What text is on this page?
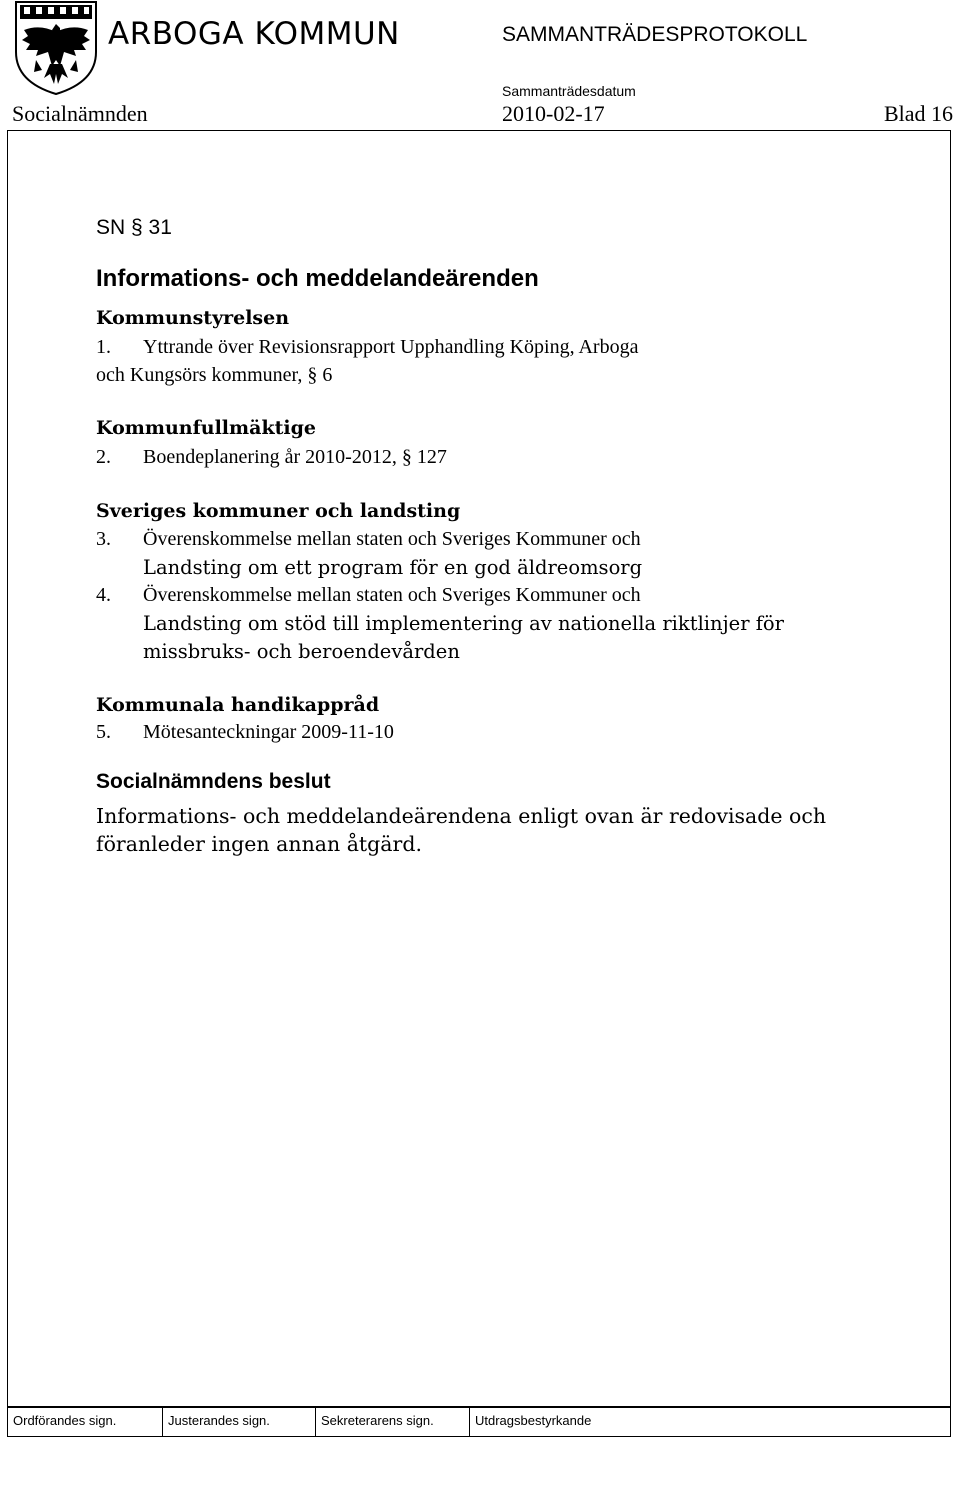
ARBOGA KOMMUN	SAMMANTRÄDESPROTOKOLL
Sammanträdesdatum
Socialnämnden	2010-02-17	Blad 16
SN § 31
Informations- och meddelandeärenden
Kommunstyrelsen
1. Yttrande över Revisionsrapport Upphandling Köping, Arboga
och Kungsörs kommuner, § 6
Kommunfullmäktige
2. Boendeplanering år 2010-2012, § 127
Sveriges kommuner och landsting
3. Överenskommelse mellan staten och Sveriges Kommuner och
Landsting om ett program för en god äldreomsorg
4. Överenskommelse mellan staten och Sveriges Kommuner och
Landsting om stöd till implementering av nationella riktlinjer för
missbruks- och beroendevården
Kommunala handikappråd
5. Mötesanteckningar 2009-11-10
Socialnämndens beslut
Informations- och meddelandeärendena enligt ovan är redovisade och
föranleder ingen annan åtgärd.
Ordförandes sign.	Justerandes sign.	Sekreterarens sign.	Utdragsbestyrkande
